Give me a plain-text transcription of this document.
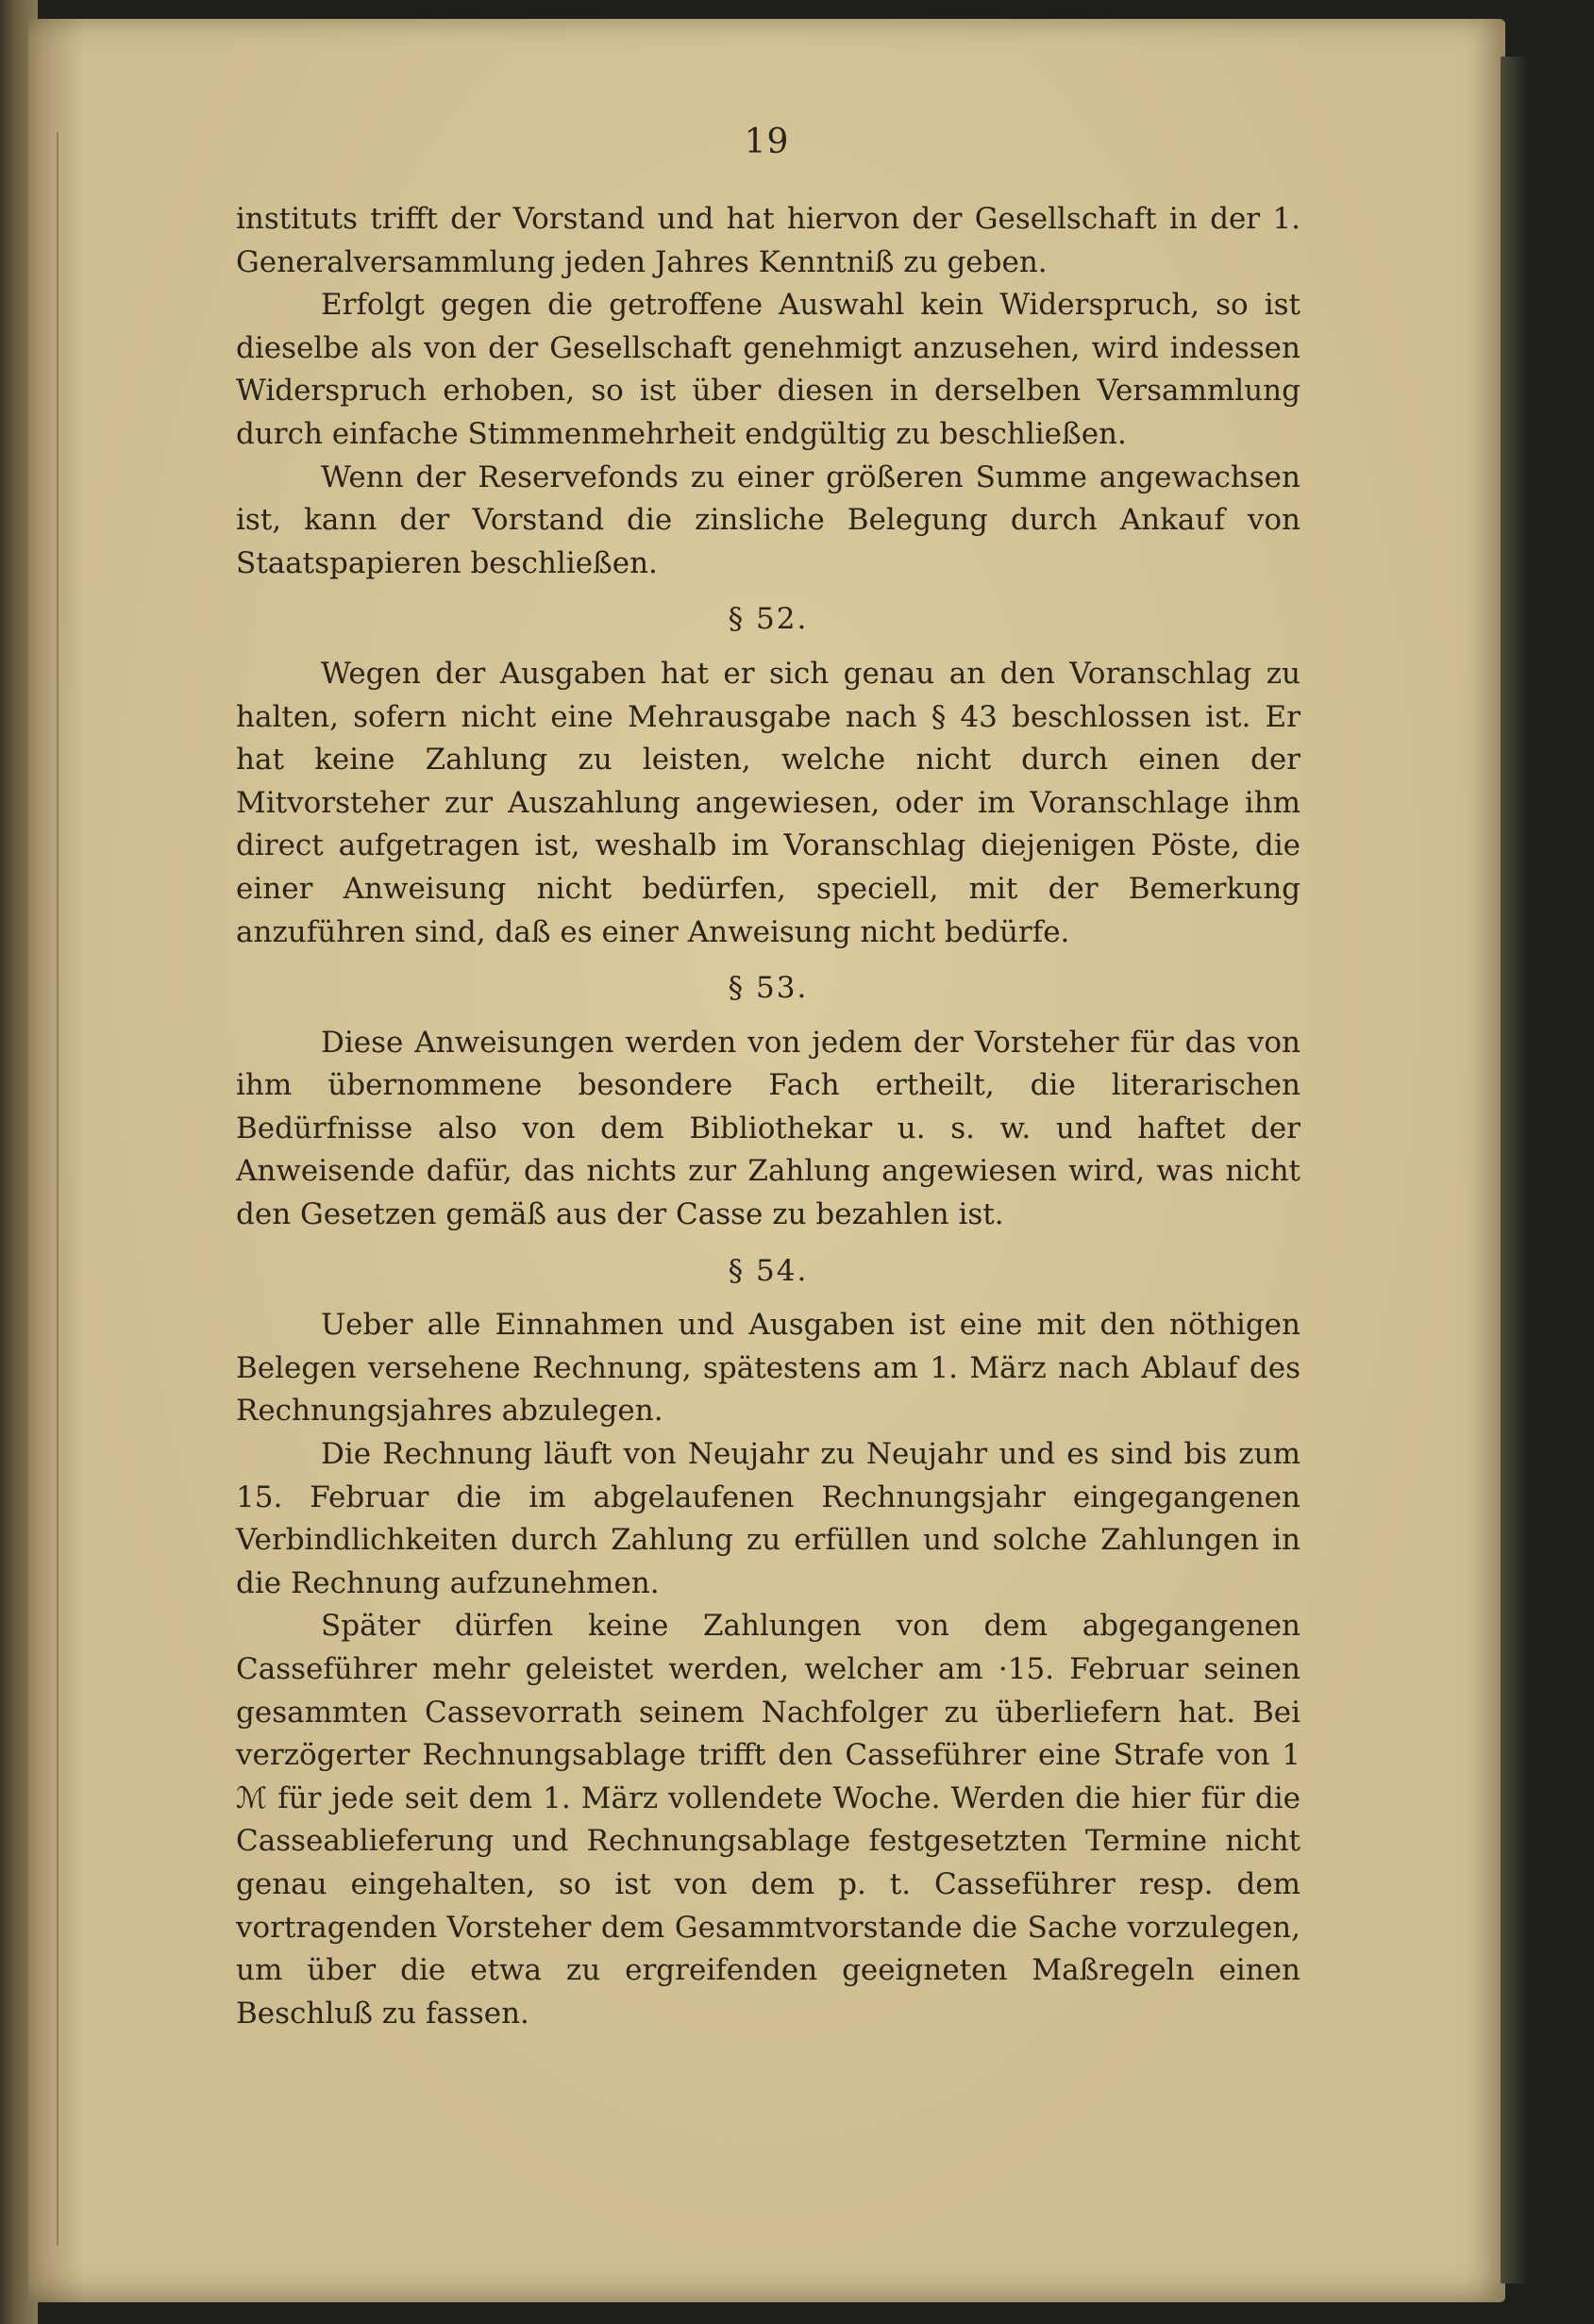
19

instituts trifft der Vorstand und hat hiervon der Gesellschaft in der 1. Generalversammlung jeden Jahres Kenntniß zu geben.

Erfolgt gegen die getroffene Auswahl kein Widerspruch, so ist dieselbe als von der Gesellschaft genehmigt anzusehen, wird indessen Widerspruch erhoben, so ist über diesen in derselben Versammlung durch einfache Stimmenmehrheit endgültig zu beschließen.

Wenn der Reservefonds zu einer größeren Summe angewachsen ist, kann der Vorstand die zinsliche Belegung durch Ankauf von Staatspapieren beschließen.

§ 52.

Wegen der Ausgaben hat er sich genau an den Voranschlag zu halten, sofern nicht eine Mehrausgabe nach § 43 beschlossen ist. Er hat keine Zahlung zu leisten, welche nicht durch einen der Mitvorsteher zur Auszahlung angewiesen, oder im Voranschlage ihm direct aufgetragen ist, weshalb im Voranschlag diejenigen Pöste, die einer Anweisung nicht bedürfen, speciell, mit der Bemerkung anzuführen sind, daß es einer Anweisung nicht bedürfe.

§ 53.

Diese Anweisungen werden von jedem der Vorsteher für das von ihm übernommene besondere Fach ertheilt, die literarischen Bedürfnisse also von dem Bibliothekar u. s. w. und haftet der Anweisende dafür, das nichts zur Zahlung angewiesen wird, was nicht den Gesetzen gemäß aus der Casse zu bezahlen ist.

§ 54.

Ueber alle Einnahmen und Ausgaben ist eine mit den nöthigen Belegen versehene Rechnung, spätestens am 1. März nach Ablauf des Rechnungsjahres abzulegen.

Die Rechnung läuft von Neujahr zu Neujahr und es sind bis zum 15. Februar die im abgelaufenen Rechnungsjahr eingegangenen Verbindlichkeiten durch Zahlung zu erfüllen und solche Zahlungen in die Rechnung aufzunehmen.

Später dürfen keine Zahlungen von dem abgegangenen Casseführer mehr geleistet werden, welcher am ·15. Februar seinen gesammten Cassevorrath seinem Nachfolger zu überliefern hat. Bei verzögerter Rechnungsablage trifft den Casseführer eine Strafe von 1 ℳ für jede seit dem 1. März vollendete Woche. Werden die hier für die Casseablieferung und Rechnungsablage festgesetzten Termine nicht genau eingehalten, so ist von dem p. t. Casseführer resp. dem vortragenden Vorsteher dem Gesammtvorstande die Sache vorzulegen, um über die etwa zu ergreifenden geeigneten Maßregeln einen Beschluß zu fassen.
